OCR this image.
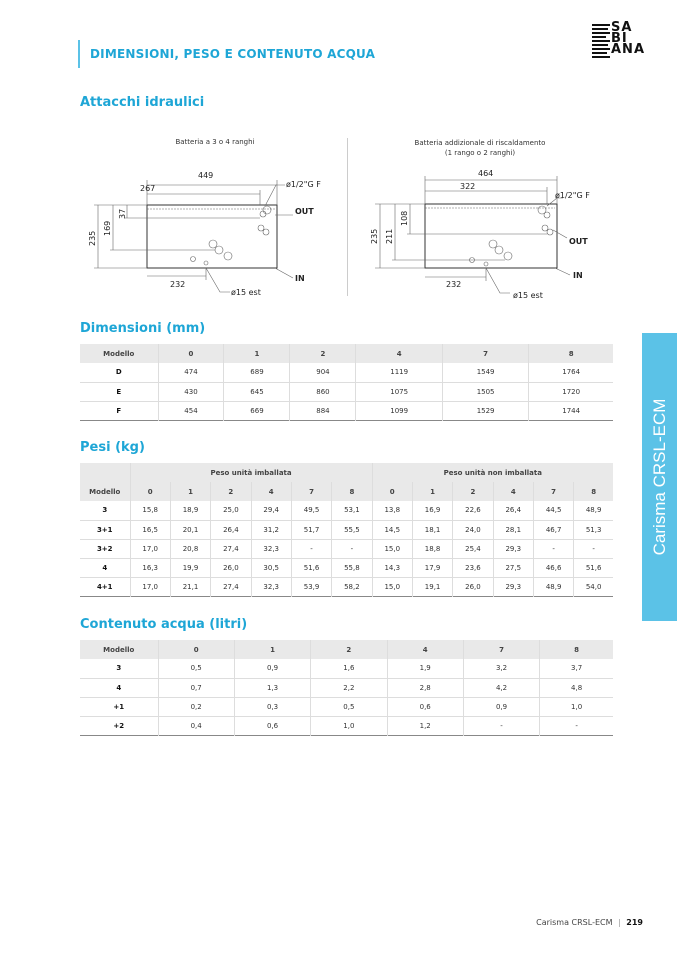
DIMENSIONI, PESO E CONTENUTO ACQUA
SA
BI
ANA
Carisma CRSL-ECM
Attacchi idraulici
Batteria a 3 o 4 ranghi	Batteria addizionale di riscaldamento
(1 rango o 2 ranghi)
449
267
232
ø1/2"G F
OUT
IN
ø15 est
235
169
37
464
322
232
ø1/2"G F
OUT
IN
ø15 est
235 211
108
Dimensioni (mm)
Modello	0	1	2	4	7	8
D	474	689	904	1119	1549	1764
E	430	645	860	1075	1505	1720
F	454	669	884	1099	1529	1744
Pesi (kg)
	Peso unità imballata						Peso unità non imballata					
Modello	0	1	2	4	7	8	0	1	2	4	7	8
3	15,8	18,9	25,0	29,4	49,5	53,1	13,8	16,9	22,6	26,4	44,5	48,9
3+1	16,5	20,1	26,4	31,2	51,7	55,5	14,5	18,1	24,0	28,1	46,7	51,3
3+2	17,0	20,8	27,4	32,3	-	-	15,0	18,8	25,4	29,3	-	-
4	16,3	19,9	26,0	30,5	51,6	55,8	14,3	17,9	23,6	27,5	46,6	51,6
4+1	17,0	21,1	27,4	32,3	53,9	58,2	15,0	19,1	26,0	29,3	48,9	54,0
Contenuto acqua (litri)
Modello	0	1	2	4	7	8
3	0,5	0,9	1,6	1,9	3,2	3,7
4	0,7	1,3	2,2	2,8	4,2	4,8
+1	0,2	0,3	0,5	0,6	0,9	1,0
+2	0,4	0,6	1,0	1,2	-	-
Carisma CRSL-ECM | 219
